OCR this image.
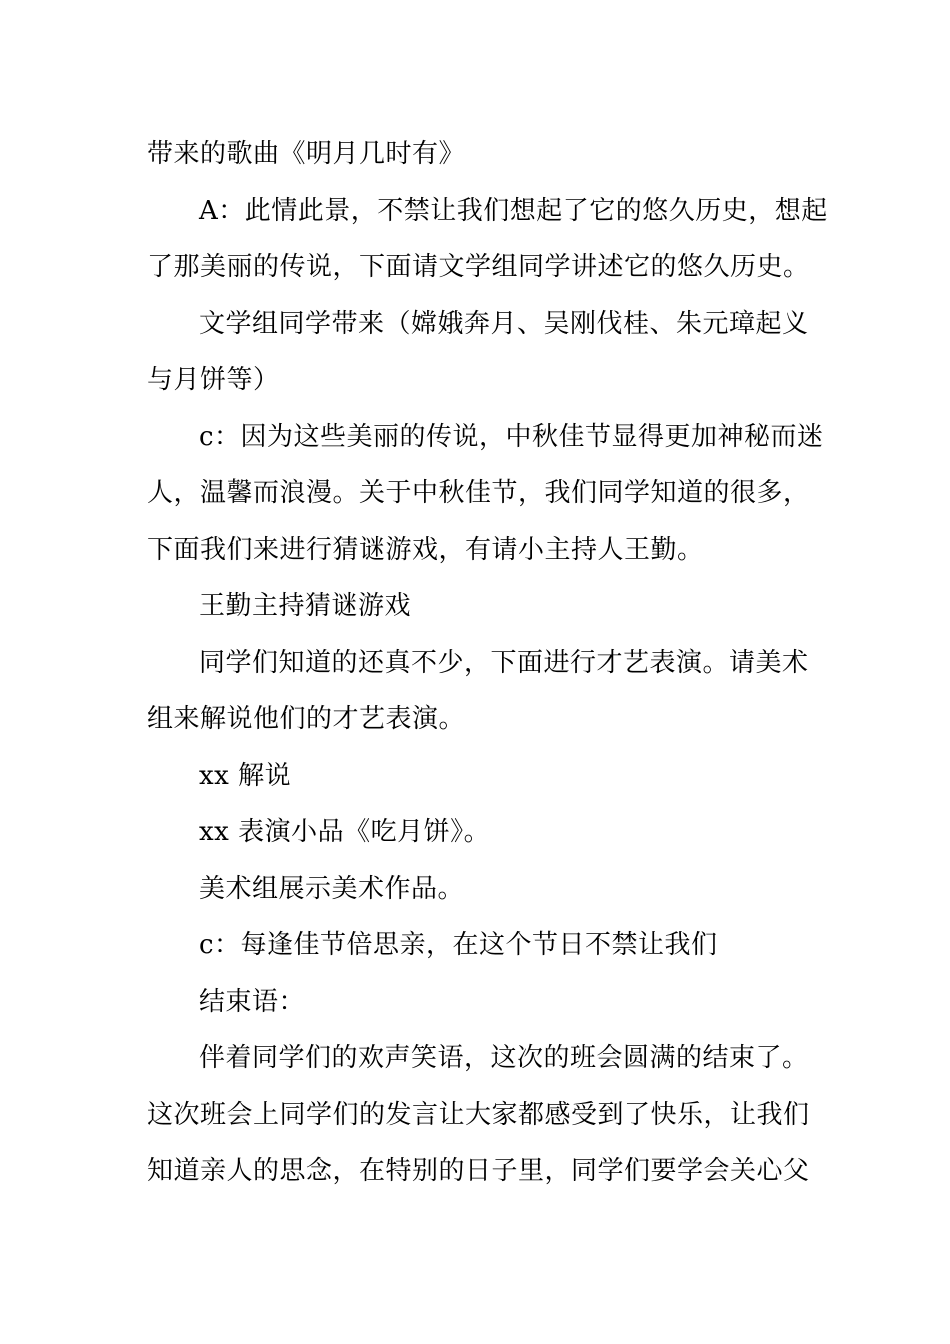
带来的歌曲《明月几时有》
A：此情此景，不禁让我们想起了它的悠久历史，想起
了那美丽的传说，下面请文学组同学讲述它的悠久历史。
文学组同学带来（嫦娥奔月、吴刚伐桂、朱元璋起义
与月饼等）
c：因为这些美丽的传说，中秋佳节显得更加神秘而迷
人，温馨而浪漫。关于中秋佳节，我们同学知道的很多，
下面我们来进行猜谜游戏，有请小主持人王勤。
王勤主持猜谜游戏
同学们知道的还真不少，下面进行才艺表演。请美术
组来解说他们的才艺表演。
xx 解说
xx 表演小品《吃月饼》。
美术组展示美术作品。
c：每逢佳节倍思亲，在这个节日不禁让我们
结束语：
伴着同学们的欢声笑语，这次的班会圆满的结束了。
这次班会上同学们的发言让大家都感受到了快乐，让我们
知道亲人的思念，在特别的日子里，同学们要学会关心父
